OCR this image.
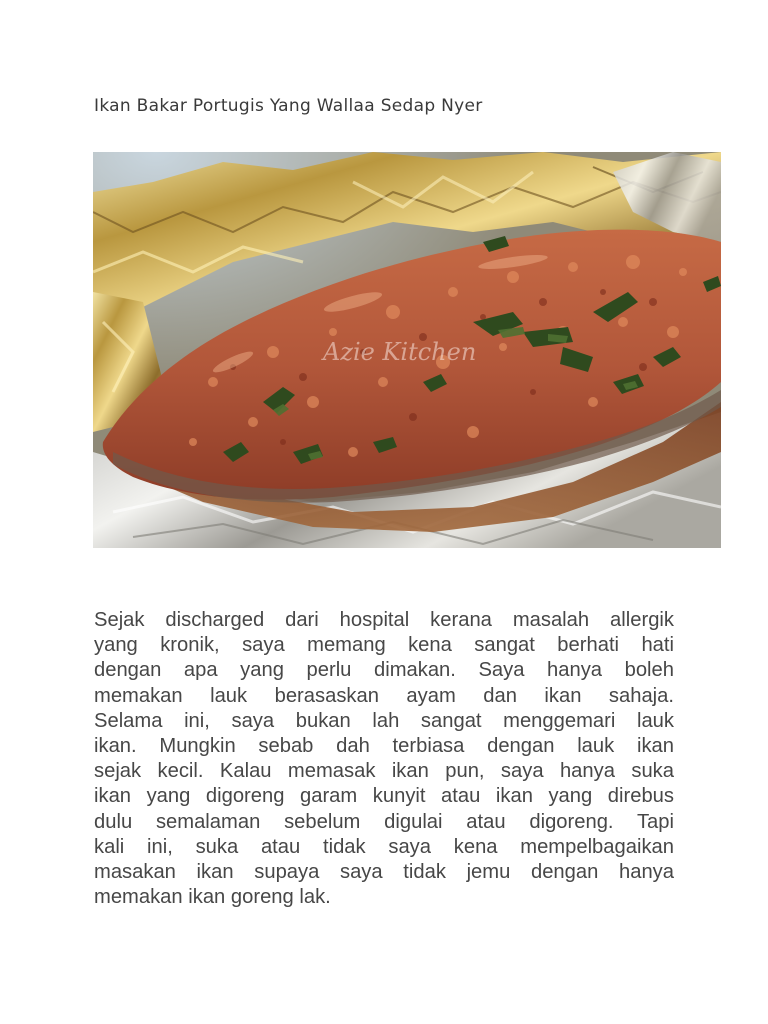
Ikan Bakar Portugis Yang Wallaa Sedap Nyer
Azie Kitchen
Sejak discharged dari hospital kerana masalah allergik
yang kronik, saya memang kena sangat berhati hati
dengan apa yang perlu dimakan. Saya hanya boleh
memakan lauk berasaskan ayam dan ikan sahaja.
Selama ini, saya bukan lah sangat menggemari lauk
ikan. Mungkin sebab dah terbiasa dengan lauk ikan
sejak kecil. Kalau memasak ikan pun, saya hanya suka
ikan yang digoreng garam kunyit atau ikan yang direbus
dulu semalaman sebelum digulai atau digoreng. Tapi
kali ini, suka atau tidak saya kena mempelbagaikan
masakan ikan supaya saya tidak jemu dengan hanya
memakan ikan goreng lak.
